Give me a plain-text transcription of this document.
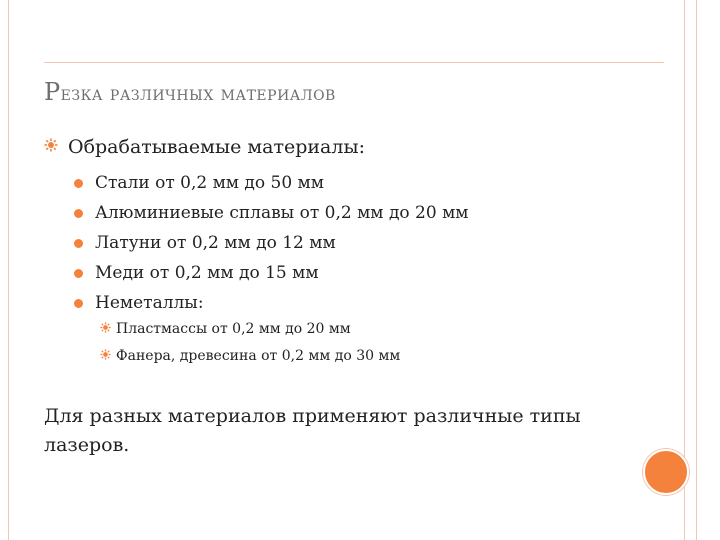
Резка различных материалов
Обрабатываемые материалы:
Стали от 0,2 мм до 50 мм
Алюминиевые сплавы от 0,2 мм до 20 мм
Латуни от 0,2 мм до 12 мм
Меди от 0,2 мм до 15 мм
Неметаллы:
Пластмассы от 0,2 мм до 20 мм
Фанера, древесина от 0,2 мм до 30 мм
Для разных материалов применяют различные типы лазеров.
